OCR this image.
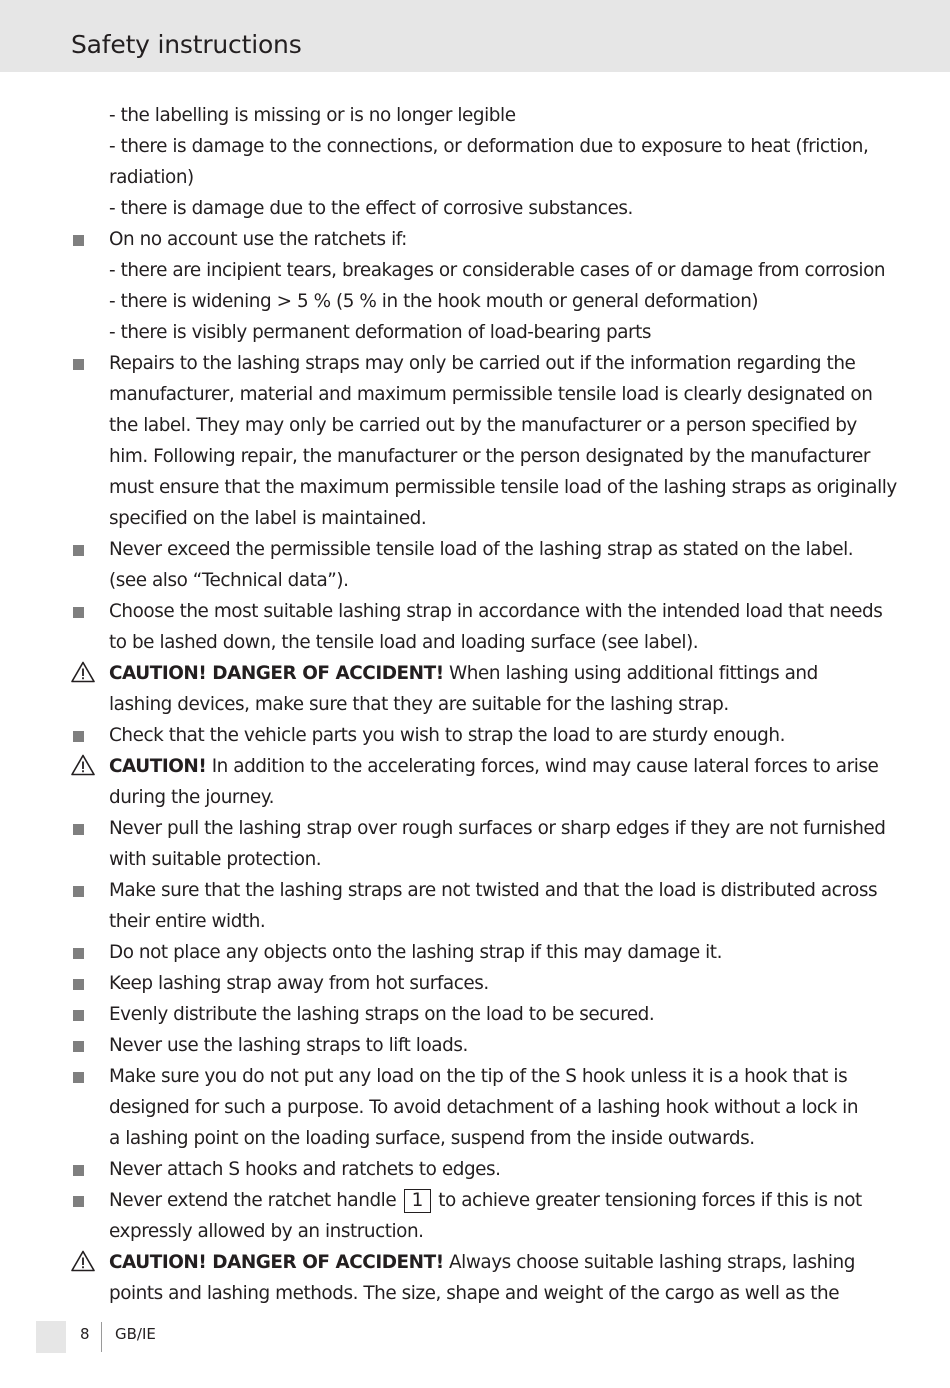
Safety instructions
- the labelling is missing or is no longer legible
- there is damage to the connections, or deformation due to exposure to heat (friction,
radiation)
- there is damage due to the effect of corrosive substances.
On no account use the ratchets if:
- there are incipient tears, breakages or considerable cases of or damage from corrosion
- there is widening > 5 % (5 % in the hook mouth or general deformation)
- there is visibly permanent deformation of load-bearing parts
Repairs to the lashing straps may only be carried out if the information regarding the
manufacturer, material and maximum permissible tensile load is clearly designated on
the label. They may only be carried out by the manufacturer or a person specified by
him. Following repair, the manufacturer or the person designated by the manufacturer
must ensure that the maximum permissible tensile load of the lashing straps as originally
specified on the label is maintained.
Never exceed the permissible tensile load of the lashing strap as stated on the label.
(see also “Technical data”).
Choose the most suitable lashing strap in accordance with the intended load that needs
to be lashed down, the tensile load and loading surface (see label).
CAUTION! DANGER OF ACCIDENT! When lashing using additional fittings and
lashing devices, make sure that they are suitable for the lashing strap.
Check that the vehicle parts you wish to strap the load to are sturdy enough.
CAUTION! In addition to the accelerating forces, wind may cause lateral forces to arise
during the journey.
Never pull the lashing strap over rough surfaces or sharp edges if they are not furnished
with suitable protection.
Make sure that the lashing straps are not twisted and that the load is distributed across
their entire width.
Do not place any objects onto the lashing strap if this may damage it.
Keep lashing strap away from hot surfaces.
Evenly distribute the lashing straps on the load to be secured.
Never use the lashing straps to lift loads.
Make sure you do not put any load on the tip of the S hook unless it is a hook that is
designed for such a purpose. To avoid detachment of a lashing hook without a lock in
a lashing point on the loading surface, suspend from the inside outwards.
Never attach S hooks and ratchets to edges.
Never extend the ratchet handle 1 to achieve greater tensioning forces if this is not
expressly allowed by an instruction.
CAUTION! DANGER OF ACCIDENT! Always choose suitable lashing straps, lashing
points and lashing methods. The size, shape and weight of the cargo as well as the
8 GB/IE
